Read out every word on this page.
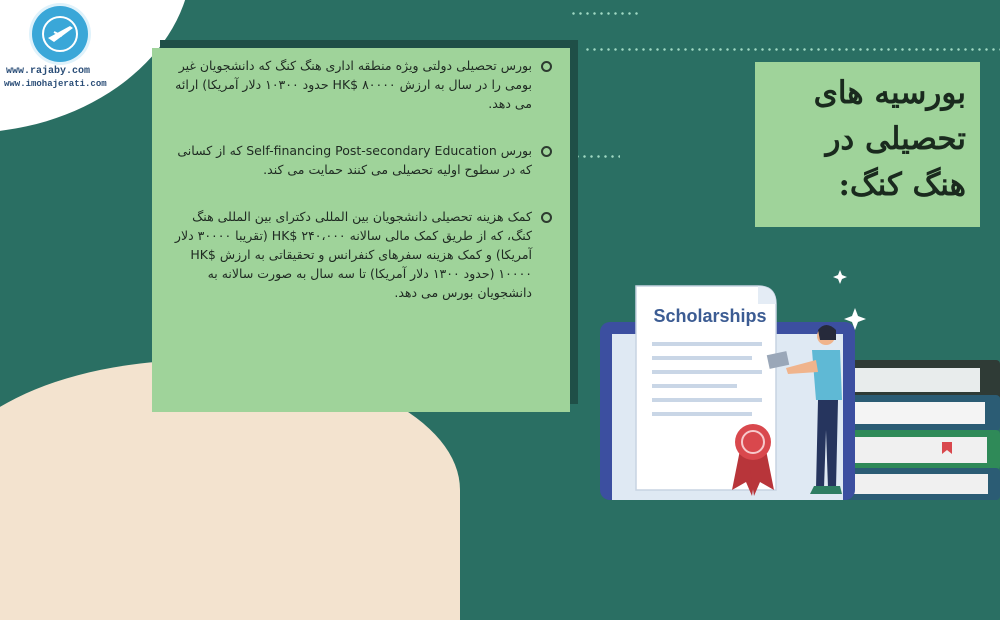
www.rajaby.com
www.imohajerati.com
بورس تحصیلی دولتی ویژه منطقه اداری هنگ کنگ که دانشجویان غیر بومی را در سال به ارزش HK$ ۸۰۰۰۰ حدود ۱۰۳۰۰ دلار آمریکا) ارائه می دهد.
بورس Self-financing Post-secondary Education که از کسانی که در سطوح اولیه تحصیلی می کنند حمایت می کند.
کمک هزینه تحصیلی دانشجویان بین المللی دکترای بین المللی هنگ کنگ، که از طریق کمک مالی سالانه HK$ ۲۴۰،۰۰۰ (تقریبا ۳۰۰۰۰ دلار آمریکا) و کمک هزینه سفرهای کنفرانس و تحقیقاتی به ارزش HK$ ۱۰۰۰۰ (حدود ۱۳۰۰ دلار آمریکا) تا سه سال به صورت سالانه به دانشجویان بورس می دهد.
بورسیه های تحصیلی در هنگ کنگ:
Scholarships
